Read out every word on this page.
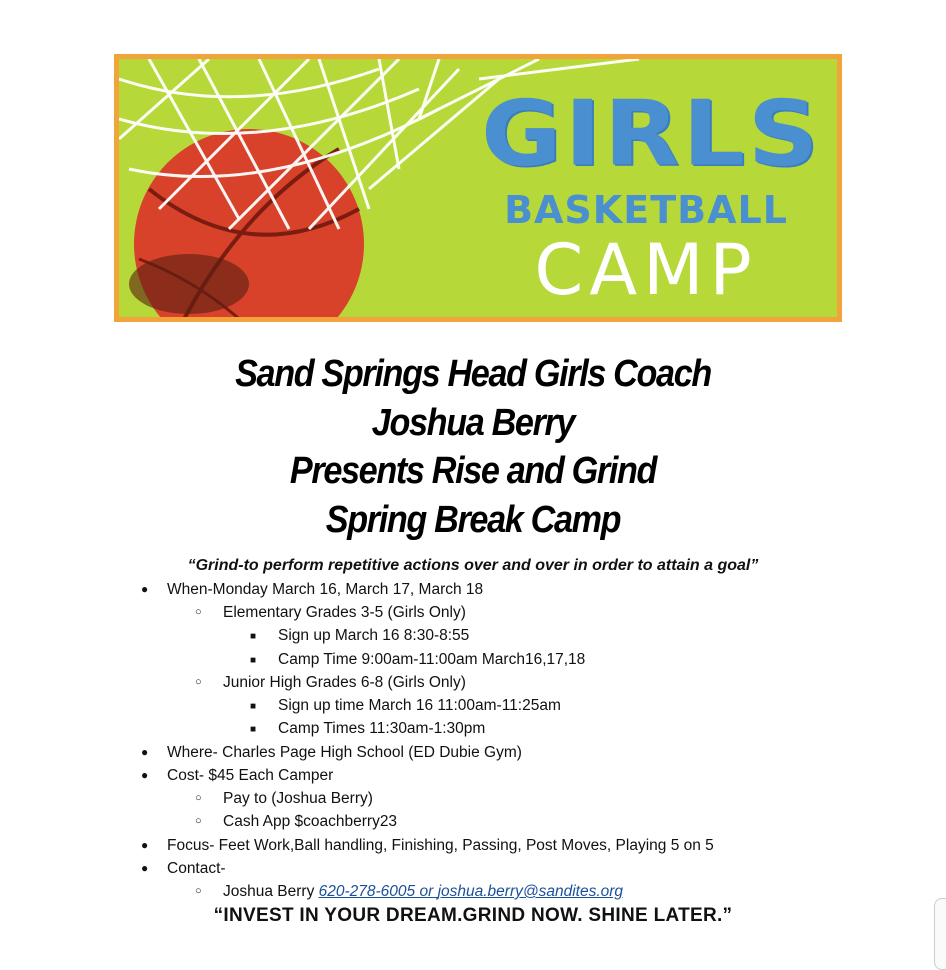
GIRLS
BASKETBALL
CAMP
Sand Springs Head Girls Coach
Joshua Berry
Presents Rise and Grind
Spring Break Camp
“Grind-to perform repetitive actions over and over in order to attain a goal”
● When-Monday March 16, March 17, March 18
○ Elementary Grades 3-5 (Girls Only)
■ Sign up March 16 8:30-8:55
■ Camp Time 9:00am-11:00am March16,17,18
○ Junior High Grades 6-8 (Girls Only)
■ Sign up time March 16 11:00am-11:25am
■ Camp Times 11:30am-1:30pm
● Where- Charles Page High School (ED Dubie Gym)
● Cost- $45 Each Camper
○ Pay to (Joshua Berry)
○ Cash App $coachberry23
● Focus- Feet Work,Ball handling, Finishing, Passing, Post Moves, Playing 5 on 5
● Contact-
○ Joshua Berry 620-278-6005 or joshua.berry@sandites.org
“INVEST IN YOUR DREAM.GRIND NOW. SHINE LATER.”
